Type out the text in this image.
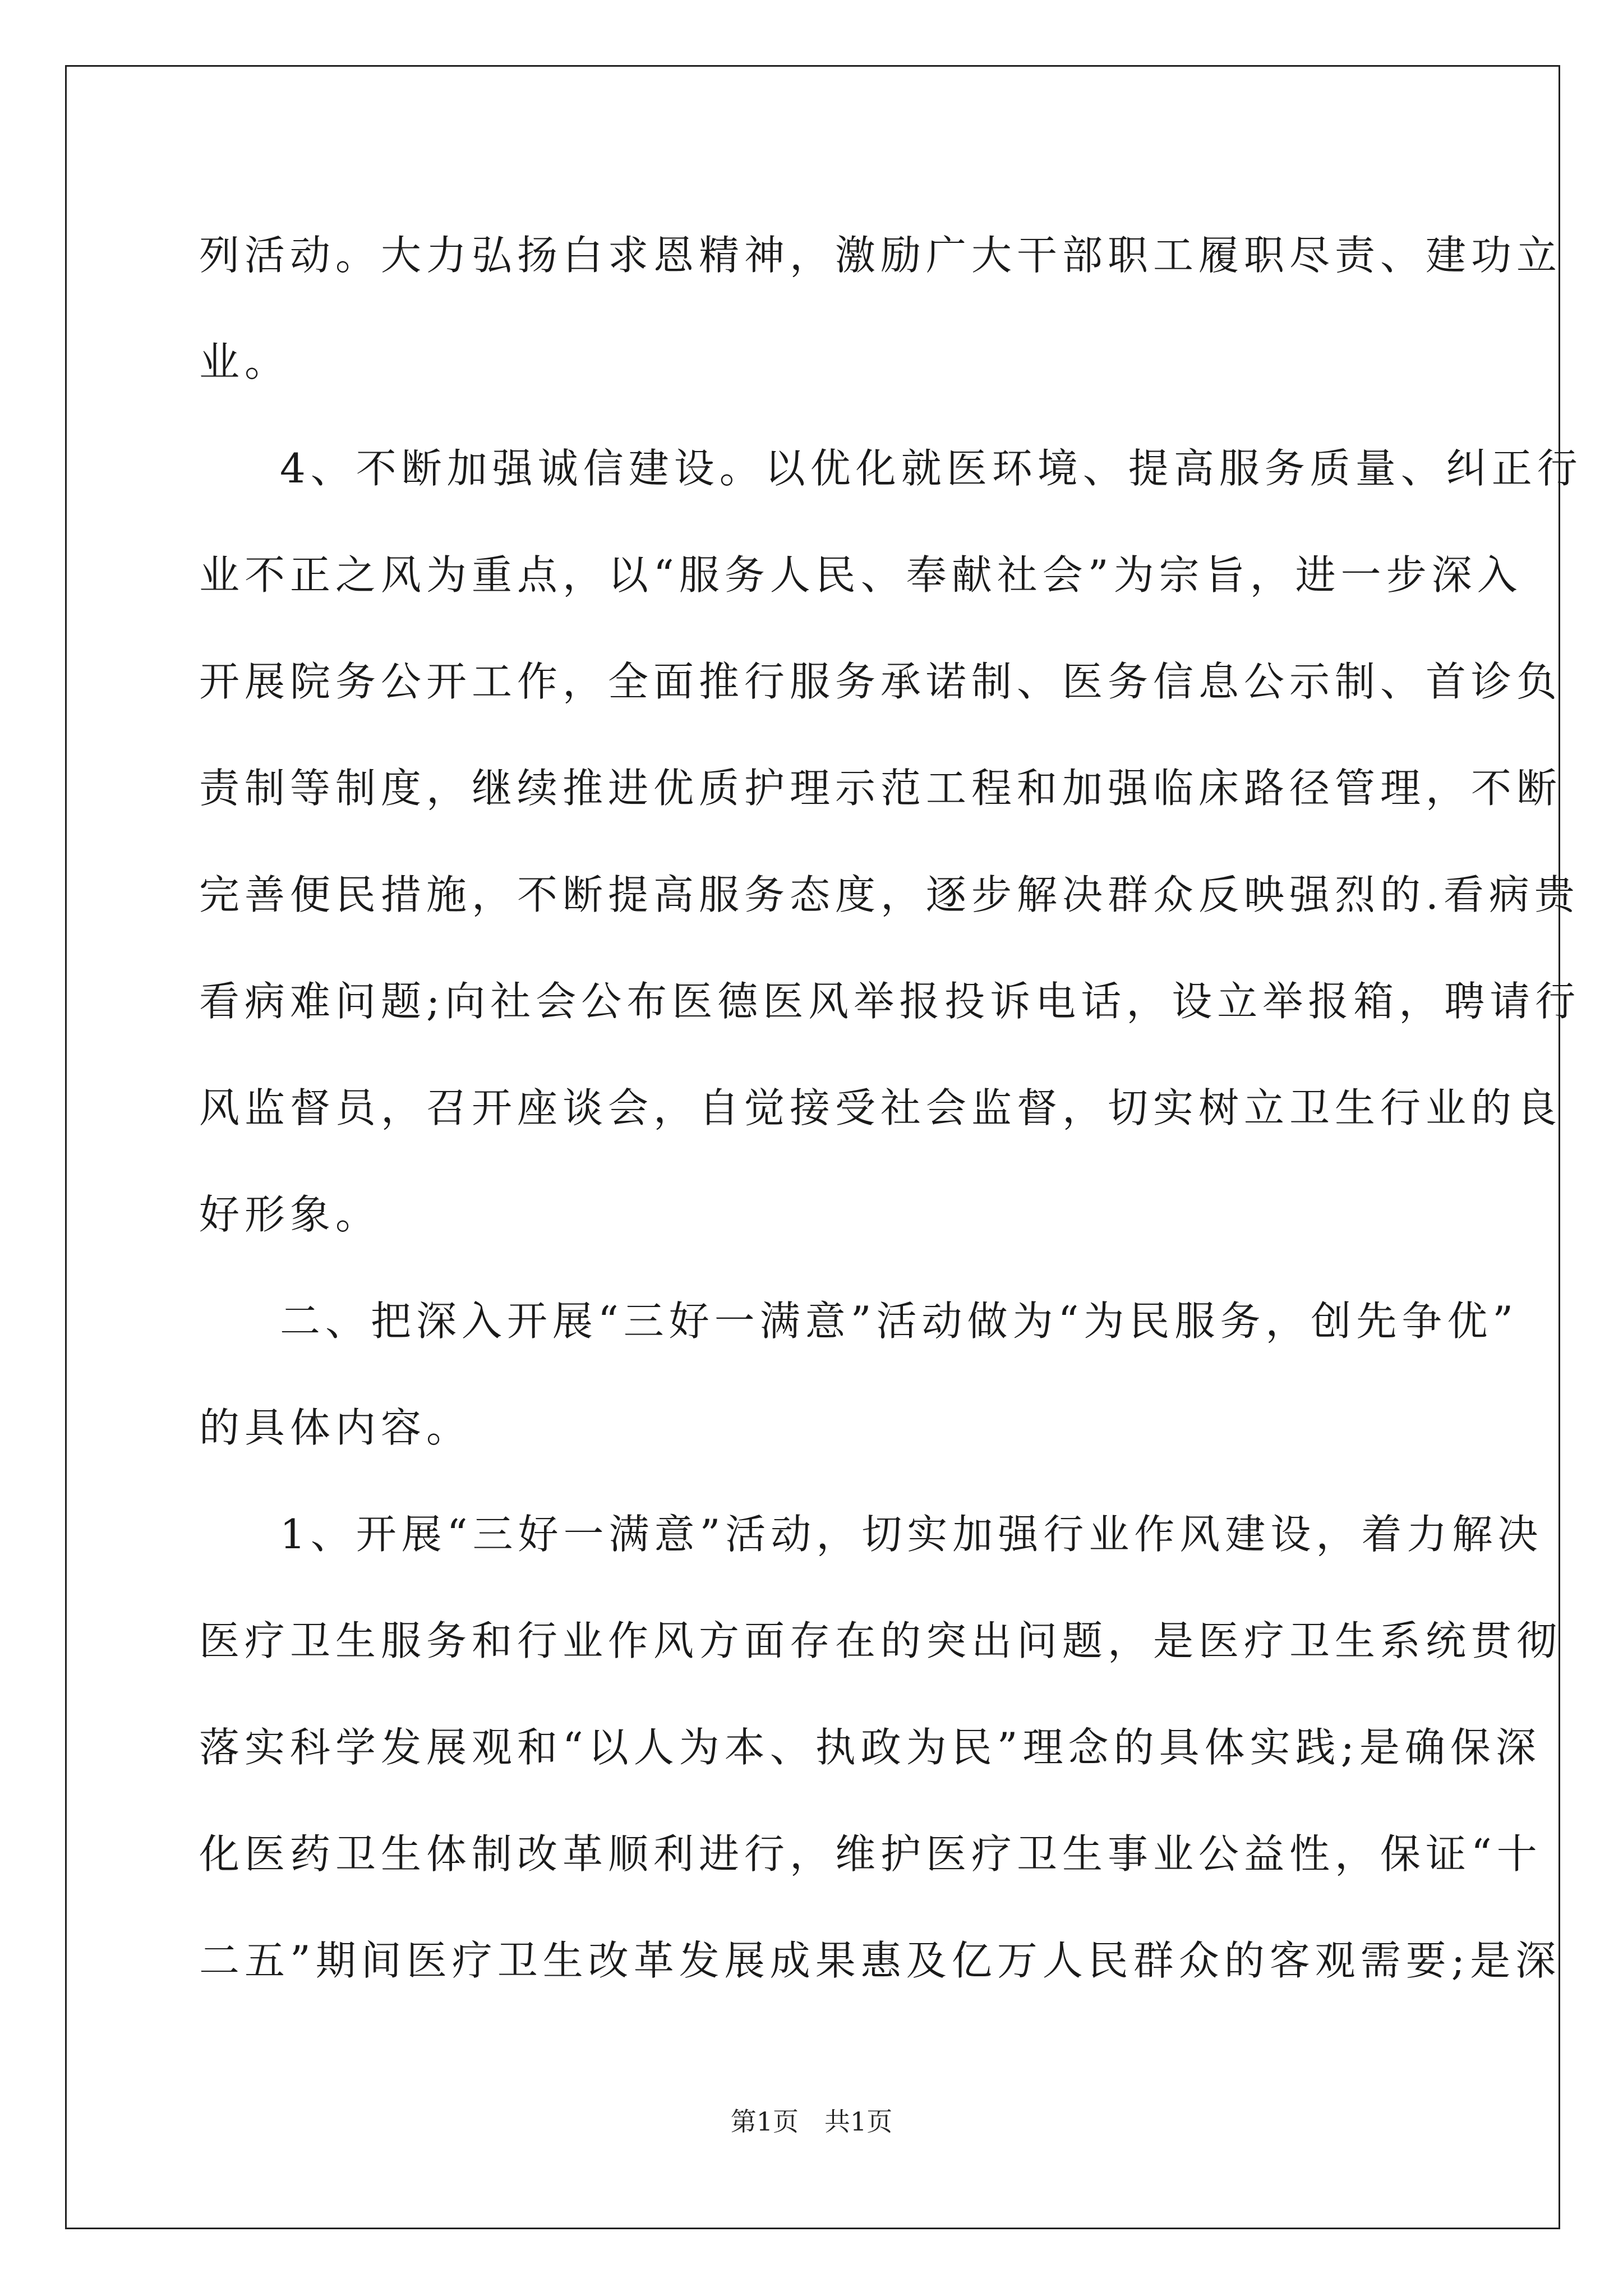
列活动。大力弘扬白求恩精神，激励广大干部职工履职尽责、建功立
业。
4、不断加强诚信建设。以优化就医环境、提高服务质量、纠正行
业不正之风为重点，以“服务人民、奉献社会”为宗旨，进一步深入
开展院务公开工作，全面推行服务承诺制、医务信息公示制、首诊负
责制等制度，继续推进优质护理示范工程和加强临床路径管理，不断
完善便民措施，不断提高服务态度，逐步解决群众反映强烈的.看病贵
看病难问题;向社会公布医德医风举报投诉电话，设立举报箱，聘请行
风监督员，召开座谈会，自觉接受社会监督，切实树立卫生行业的良
好形象。
二、把深入开展“三好一满意”活动做为“为民服务，创先争优”
的具体内容。
1、开展“三好一满意”活动，切实加强行业作风建设，着力解决
医疗卫生服务和行业作风方面存在的突出问题，是医疗卫生系统贯彻
落实科学发展观和“以人为本、执政为民”理念的具体实践;是确保深
化医药卫生体制改革顺利进行，维护医疗卫生事业公益性，保证“十
二五”期间医疗卫生改革发展成果惠及亿万人民群众的客观需要;是深
第1页　共1页
